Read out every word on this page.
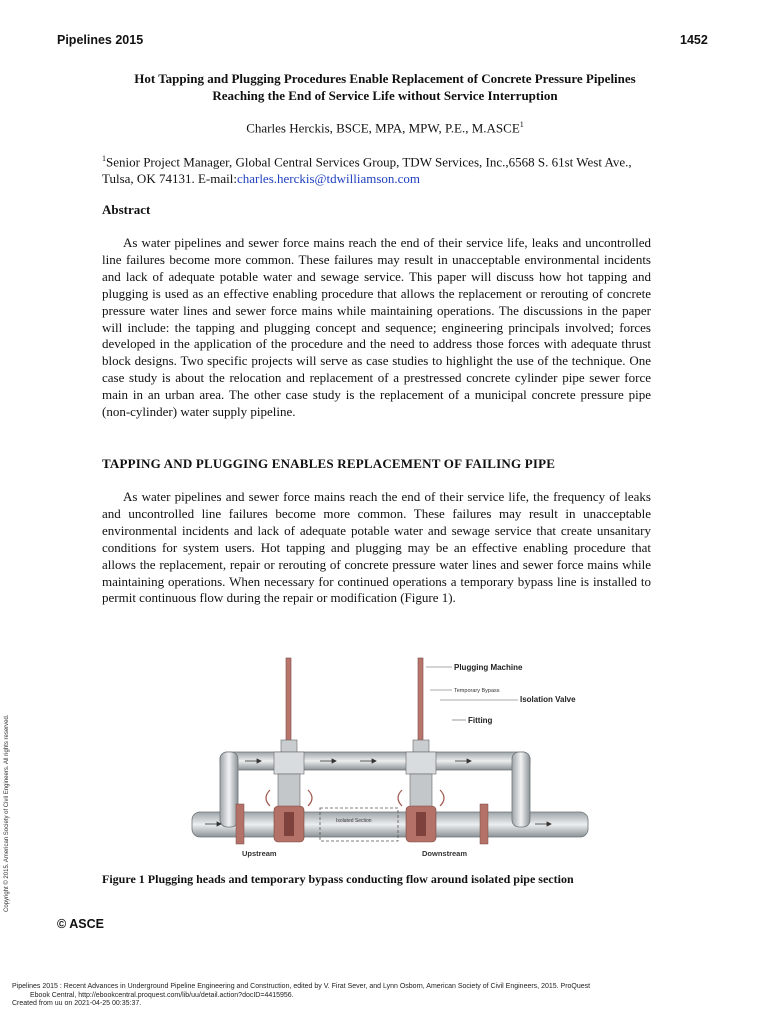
Pipelines 2015	1452
Hot Tapping and Plugging Procedures Enable Replacement of Concrete Pressure Pipelines
Reaching the End of Service Life without Service Interruption
Charles Herckis, BSCE, MPA, MPW, P.E., M.ASCE$^1$
$^1$Senior Project Manager, Global Central Services Group, TDW Services, Inc.,6568 S. 61st West Ave., Tulsa, OK 74131. E-mail:charles.herckis@tdwilliamson.com
Abstract

As water pipelines and sewer force mains reach the end of their service life, leaks and uncontrolled line failures become more common. These failures may result in unacceptable environmental incidents and lack of adequate potable water and sewage service. This paper will discuss how hot tapping and plugging is used as an effective enabling procedure that allows the replacement or rerouting of concrete pressure water lines and sewer force mains while maintaining operations. The discussions in the paper will include: the tapping and plugging concept and sequence; engineering principals involved; forces developed in the application of the procedure and the need to address those forces with adequate thrust block designs. Two specific projects will serve as case studies to highlight the use of the technique. One case study is about the relocation and replacement of a prestressed concrete cylinder pipe sewer force main in an urban area. The other case study is the replacement of a municipal concrete pressure pipe (non-cylinder) water supply pipeline.

TAPPING AND PLUGGING ENABLES REPLACEMENT OF FAILING PIPE

As water pipelines and sewer force mains reach the end of their service life, the frequency of leaks and uncontrolled line failures become more common. These failures may result in unacceptable environmental incidents and lack of adequate potable water and sewage service that create unsanitary conditions for system users. Hot tapping and plugging may be an effective enabling procedure that allows the replacement, repair or rerouting of concrete pressure water lines and sewer force mains while maintaining operations. When necessary for continued operations a temporary bypass line is installed to permit continuous flow during the repair or modification (Figure 1).

Plugging Machine
Temporary Bypass
Isolation Valve
Fitting
Isolated Section
Upstream	Downstream
Figure 1 Plugging heads and temporary bypass conducting flow around isolated pipe section
© ASCE
Copyright © 2015. American Society of Civil Engineers. All rights reserved.
Pipelines 2015 : Recent Advances in Underground Pipeline Engineering and Construction, edited by V. Firat Sever, and Lynn Osborn, American Society of Civil Engineers, 2015. ProQuest
Ebook Central, http://ebookcentral.proquest.com/lib/uu/detail.action?docID=4415956.
Created from uu on 2021-04-25 00:35:37.
